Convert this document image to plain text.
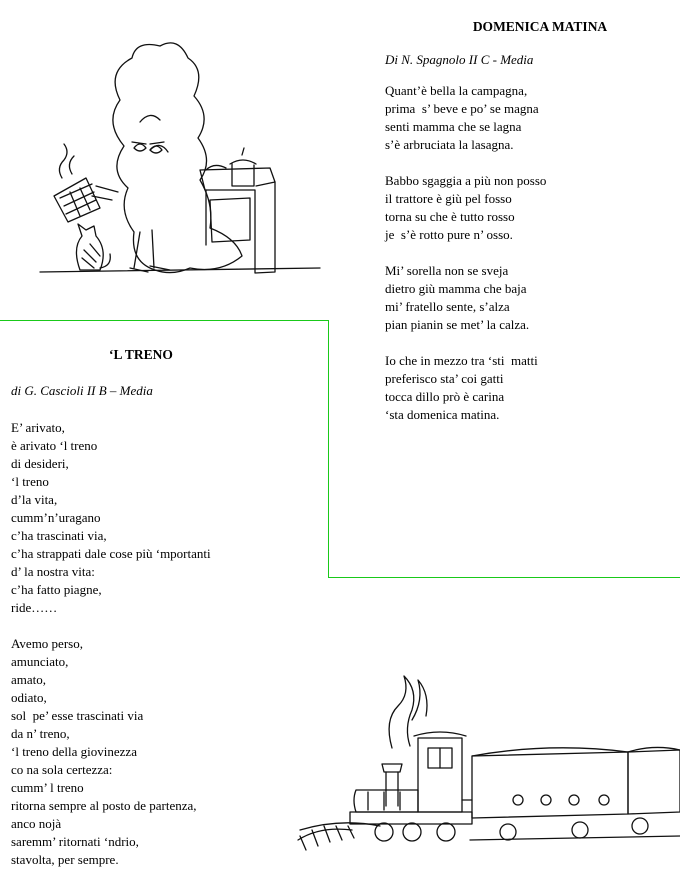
DOMENICA MATINA
Di N. Spagnolo II C - Media
Quant’è bella la campagna,
prima  s’ beve e po’ se magna
senti mamma che se lagna
s’è arbruciata la lasagna.
Babbo sgaggia a più non posso
il trattore è giù pel fosso
torna su che è tutto rosso
je  s’è rotto pure n’ osso.
Mi’ sorella non se sveja
dietro giù mamma che baja
mi’ fratello sente, s’alza
pian pianin se met’ la calza.
Io che in mezzo tra ‘sti  matti
preferisco sta’ coi gatti
tocca dillo prò è carina
‘sta domenica matina.
‘L TRENO
di G. Cascioli II B – Media
E’ arivato,
è arivato ‘l treno
di desideri,
‘l treno
d’la vita,
cumm’n’uragano
c’ha trascinati via,
c’ha strappati dale cose più ‘mportanti
d’ la nostra vita:
c’ha fatto piagne,
ride……
Avemo perso,
amunciato,
amato,
odiato,
sol  pe’ esse trascinati via
da n’ treno,
‘l treno della giovinezza
co na sola certezza:
cumm’ l treno
ritorna sempre al posto de partenza,
anco nojà
saremm’ ritornati ‘ndrio,
stavolta, per sempre.
